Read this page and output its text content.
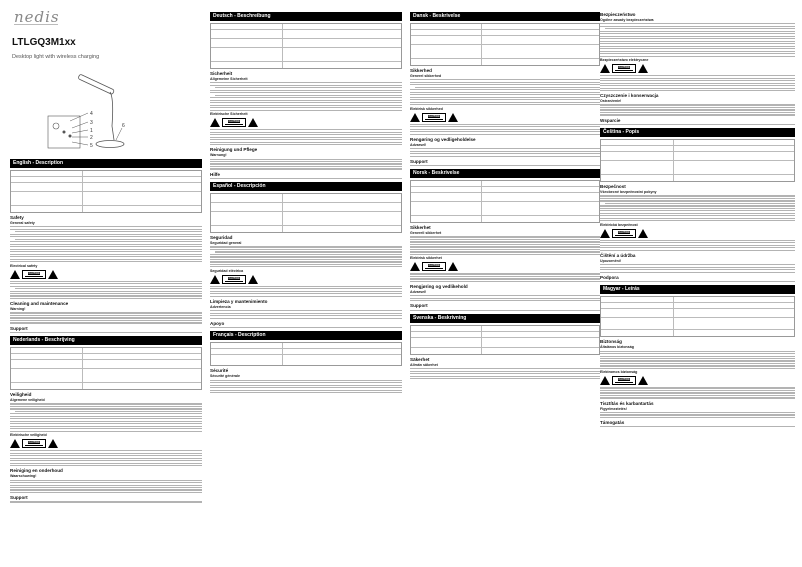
nedis
LTLGQ3M1xx
Desktop light with wireless charging
4
3
1
2
5
6
English - Description
Safety
General safety
Electrical safety
CAUTION
Cleaning and maintenance
Warning!
Support
Nederlands - Beschrijving
Veiligheid
Algemene veiligheid
Elektrische veiligheid
CAUTION
Reiniging en onderhoud
Waarschuwing!
Support
Deutsch - Beschreibung
Sicherheit
Allgemeine Sicherheit
Elektrische Sicherheit
CAUTION
Reinigung und Pflege
Warnung!
Hilfe
Español - Descripción
Seguridad
Seguridad general
Seguridad eléctrica
CAUTION
Limpieza y mantenimiento
Advertencia
Apoyo
Français - Description
Sécurité
Sécurité générale
Dansk - Beskrivelse
Sikkerhed
Generel sikkerhed
Elektrisk sikkerhed
CAUTION
Rengøring og vedligeholdelse
Advarsel!
Support
Norsk - Beskrivelse
Sikkerhet
Generell sikkerhet
Elektrisk sikkerhet
CAUTION
Rengjøring og vedlikehold
Advarsel!
Support
Svenska - Beskrivning
Säkerhet
Allmän säkerhet
Bezpieczeństwo
Ogólne zasady bezpieczeństwa
Bezpieczeństwo elektryczne
CAUTION
Czyszczenie i konserwacja
Ostrzeżenie!
Wsparcie
Čeština - Popis
Bezpečnost
Všeobecné bezpečnostní pokyny
Elektrická bezpečnost
CAUTION
Čištění a údržba
Upozornění!
Podpora
Magyar - Leírás
Biztonság
Általános biztonság
Elektromos biztonság
CAUTION
Tisztítás és karbantartás
Figyelmeztetés!
Támogatás
